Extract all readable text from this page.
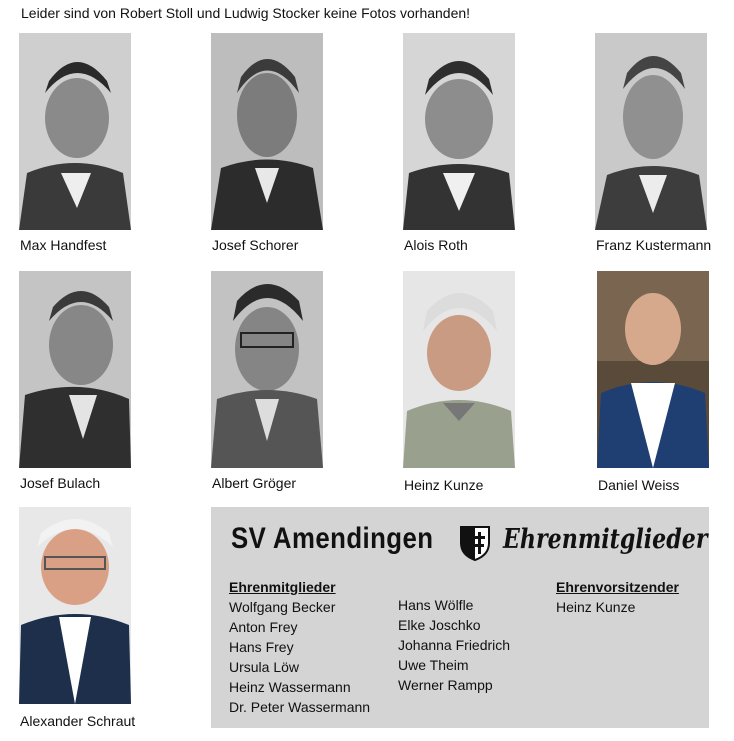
Leider sind von Robert Stoll und Ludwig Stocker keine Fotos vorhanden!
Max Handfest	Josef Schorer	Alois Roth	Franz Kustermann
Josef Bulach	Albert Gröger	Heinz Kunze	Daniel Weiss
Alexander Schraut
SV Amendingen	Ehrenmitglieder
Ehrenmitglieder
Wolfgang Becker
Anton Frey
Hans Frey
Ursula Löw
Heinz Wassermann
Dr. Peter Wassermann
Hans Wölfle
Elke Joschko
Johanna Friedrich
Uwe Theim
Werner Rampp
Ehrenvorsitzender
Heinz Kunze
